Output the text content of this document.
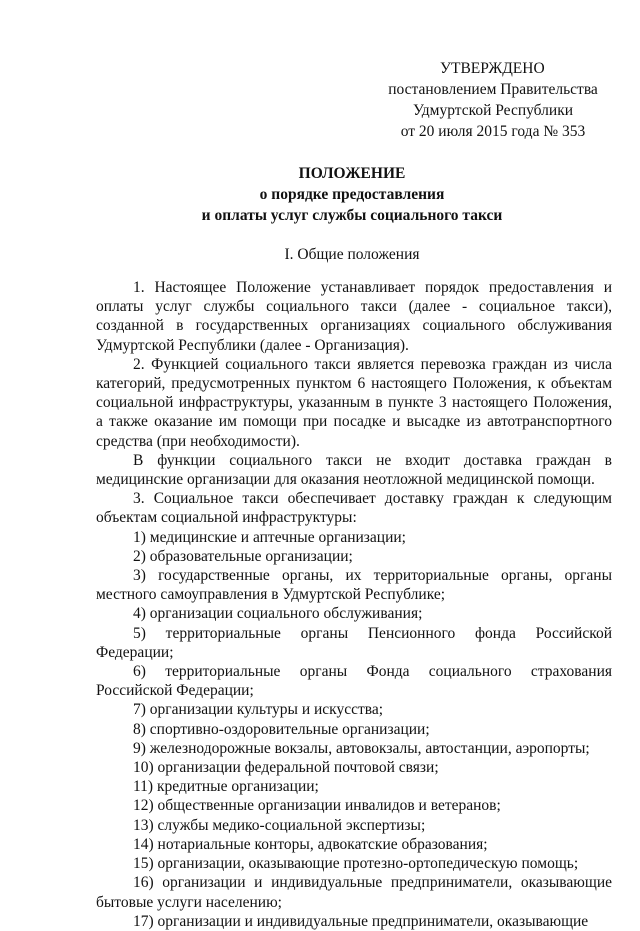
УТВЕРЖДЕНО
постановлением Правительства
Удмуртской Республики
от 20 июля 2015 года № 353
ПОЛОЖЕНИЕ
о порядке предоставления
и оплаты услуг службы социального такси
I. Общие положения

1. Настоящее Положение устанавливает порядок предоставления и оплаты услуг службы социального такси (далее - социальное такси), созданной в государственных организациях социального обслуживания Удмуртской Республики (далее - Организация).

2. Функцией социального такси является перевозка граждан из числа категорий, предусмотренных пунктом 6 настоящего Положения, к объектам социальной инфраструктуры, указанным в пункте 3 настоящего Положения, а также оказание им помощи при посадке и высадке из автотранспортного средства (при необходимости).

В функции социального такси не входит доставка граждан в медицинские организации для оказания неотложной медицинской помощи.

3. Социальное такси обеспечивает доставку граждан к следующим объектам социальной инфраструктуры:

1) медицинские и аптечные организации;

2) образовательные организации;

3) государственные органы, их территориальные органы, органы местного самоуправления в Удмуртской Республике;

4) организации социального обслуживания;

5) территориальные органы Пенсионного фонда Российской Федерации;

6) территориальные органы Фонда социального страхования Российской Федерации;

7) организации культуры и искусства;

8) спортивно-оздоровительные организации;

9) железнодорожные вокзалы, автовокзалы, автостанции, аэропорты;

10) организации федеральной почтовой связи;

11) кредитные организации;

12) общественные организации инвалидов и ветеранов;

13) службы медико-социальной экспертизы;

14) нотариальные конторы, адвокатские образования;

15) организации, оказывающие протезно-ортопедическую помощь;

16) организации и индивидуальные предприниматели, оказывающие бытовые услуги населению;

17) организации и индивидуальные предприниматели, оказывающие
